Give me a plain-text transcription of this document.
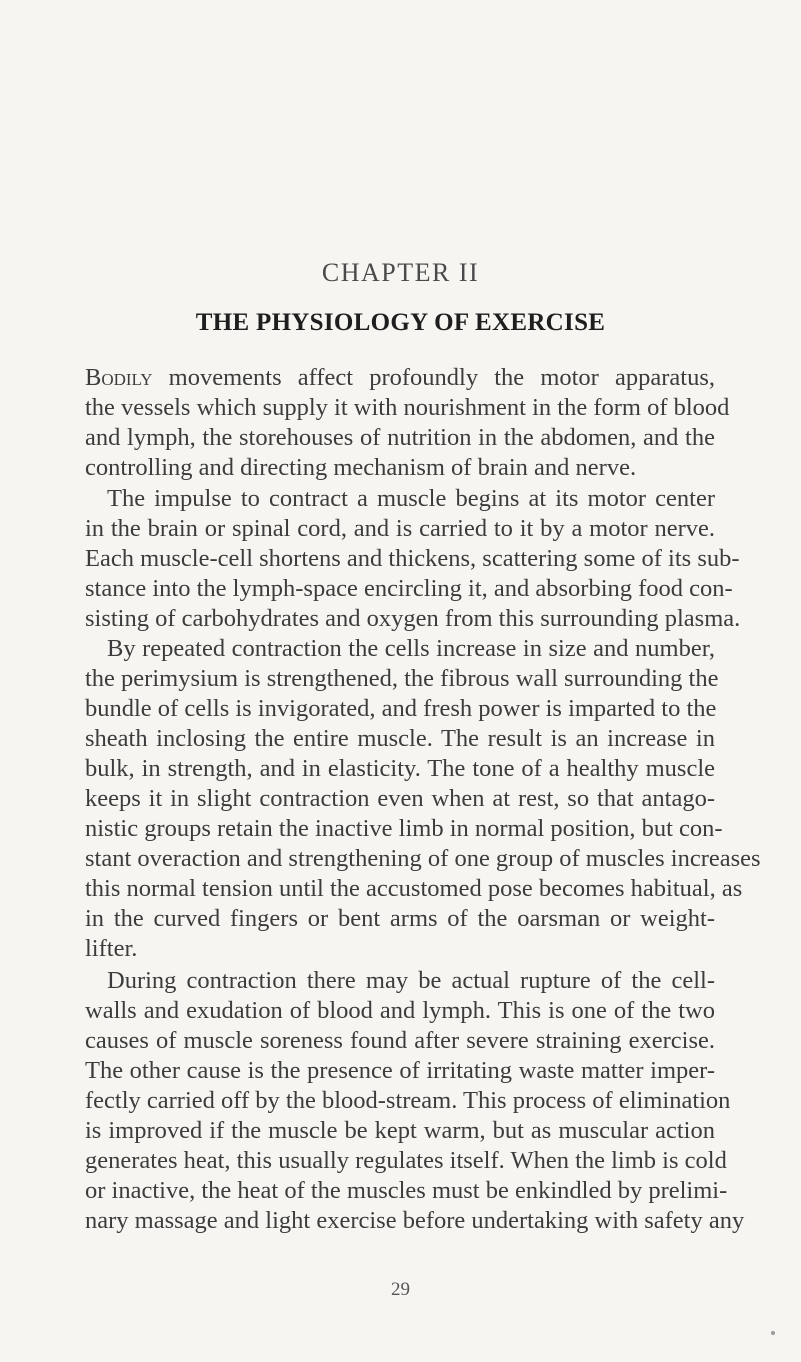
CHAPTER II
THE PHYSIOLOGY OF EXERCISE
Bodily movements affect profoundly the motor apparatus,
the vessels which supply it with nourishment in the form of blood
and lymph, the storehouses of nutrition in the abdomen, and the
controlling and directing mechanism of brain and nerve.
The impulse to contract a muscle begins at its motor center
in the brain or spinal cord, and is carried to it by a motor nerve.
Each muscle-cell shortens and thickens, scattering some of its sub-
stance into the lymph-space encircling it, and absorbing food con-
sisting of carbohydrates and oxygen from this surrounding plasma.
By repeated contraction the cells increase in size and number,
the perimysium is strengthened, the fibrous wall surrounding the
bundle of cells is invigorated, and fresh power is imparted to the
sheath inclosing the entire muscle. The result is an increase in
bulk, in strength, and in elasticity. The tone of a healthy muscle
keeps it in slight contraction even when at rest, so that antago-
nistic groups retain the inactive limb in normal position, but con-
stant overaction and strengthening of one group of muscles increases
this normal tension until the accustomed pose becomes habitual, as
in the curved fingers or bent arms of the oarsman or weight-
lifter.
During contraction there may be actual rupture of the cell-
walls and exudation of blood and lymph. This is one of the two
causes of muscle soreness found after severe straining exercise.
The other cause is the presence of irritating waste matter imper-
fectly carried off by the blood-stream. This process of elimination
is improved if the muscle be kept warm, but as muscular action
generates heat, this usually regulates itself. When the limb is cold
or inactive, the heat of the muscles must be enkindled by prelimi-
nary massage and light exercise before undertaking with safety any
29
